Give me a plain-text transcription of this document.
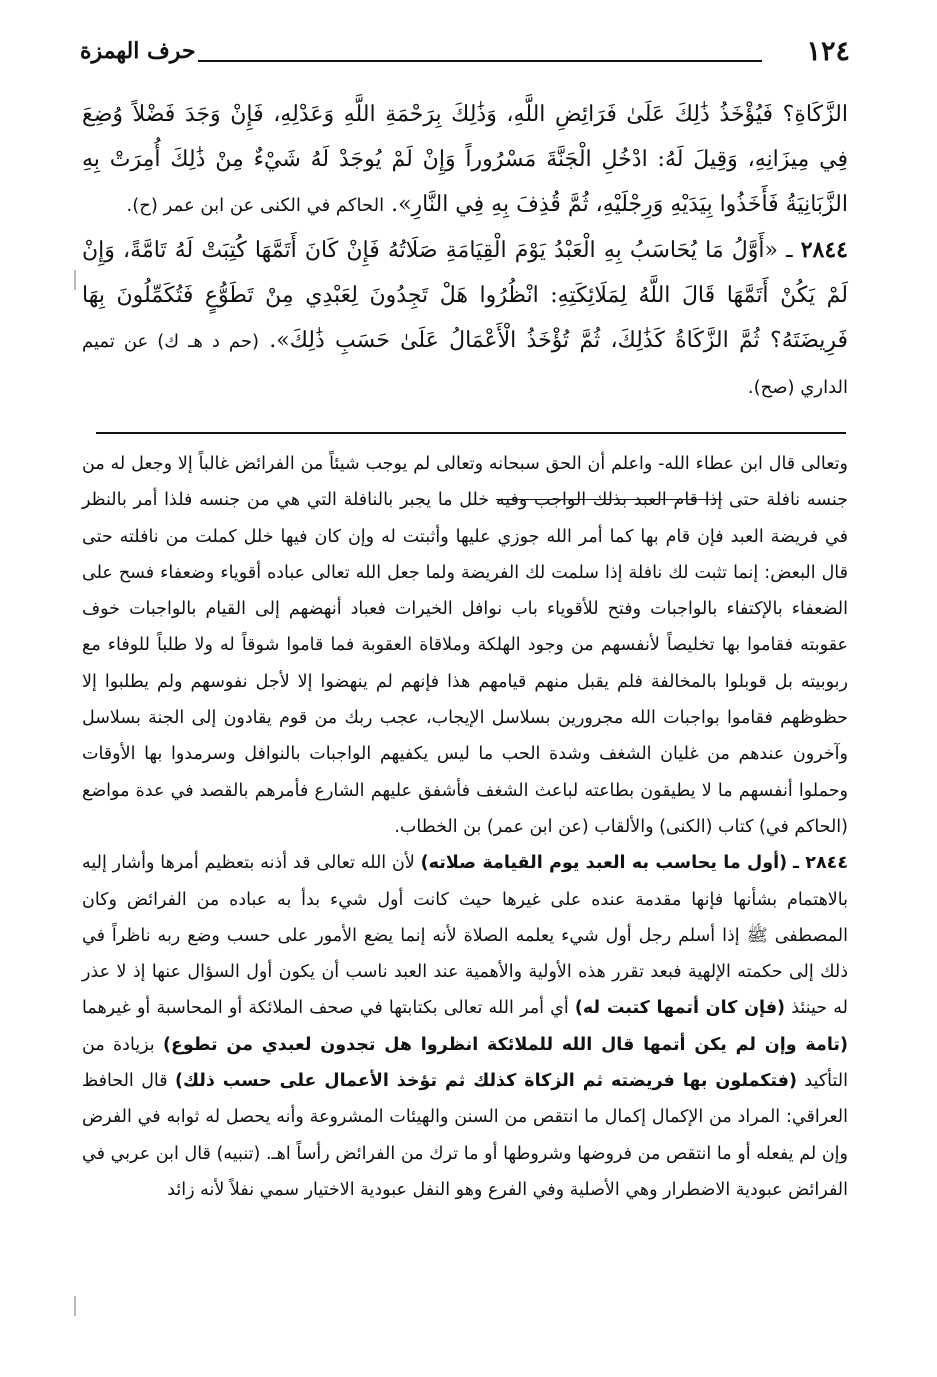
١٢٤
حرف الهمزة

الزَّكَاةِ؟ فَيُؤْخَذُ ذَٰلِكَ عَلَىٰ فَرَائِضِ اللَّهِ، وَذَٰلِكَ بِرَحْمَةِ اللَّهِ وَعَدْلِهِ، فَإِنْ وَجَدَ فَضْلاً وُضِعَ فِي مِيزَانِهِ، وَقِيلَ لَهُ: ادْخُلِ الْجَنَّةَ مَسْرُوراً وَإِنْ لَمْ يُوجَدْ لَهُ شَيْءٌ مِنْ ذَٰلِكَ أُمِرَتْ بِهِ الزَّبَانِيَةُ فَأَخَذُوا بِيَدَيْهِ وَرِجْلَيْهِ، ثُمَّ قُذِفَ بِهِ فِي النَّارِ». الحاكم في الكنى عن ابن عمر (ح).

٢٨٤٤ ـ «أَوَّلُ مَا يُحَاسَبُ بِهِ الْعَبْدُ يَوْمَ الْقِيَامَةِ صَلَاتُهُ فَإِنْ كَانَ أَتَمَّهَا كُتِبَتْ لَهُ تَامَّةً، وَإِنْ لَمْ يَكُنْ أَتَمَّهَا قَالَ اللَّهُ لِمَلَائِكَتِهِ: انْظُرُوا هَلْ تَجِدُونَ لِعَبْدِي مِنْ تَطَوُّعٍ فَتُكَمِّلُونَ بِهَا فَرِيضَتَهُ؟ ثُمَّ الزَّكَاةُ كَذَٰلِكَ، ثُمَّ تُؤْخَذُ الْأَعْمَالُ عَلَىٰ حَسَبِ ذَٰلِكَ». (حم د هـ ك) عن تميم الداري (صح).

وتعالى قال ابن عطاء الله- واعلم أن الحق سبحانه وتعالى لم يوجب شيئاً من الفرائض غالباً إلا وجعل له من جنسه نافلة حتى إذا قام العبد بذلك الواجب وفيه خلل ما يجبر بالنافلة التي هي من جنسه فلذا أمر بالنظر في فريضة العبد فإن قام بها كما أمر الله جوزي عليها وأثبتت له وإن كان فيها خلل كملت من نافلته حتى قال البعض: إنما تثبت لك نافلة إذا سلمت لك الفريضة ولما جعل الله تعالى عباده أقوياء وضعفاء فسح على الضعفاء بالإكتفاء بالواجبات وفتح للأقوياء باب نوافل الخيرات فعباد أنهضهم إلى القيام بالواجبات خوف عقوبته فقاموا بها تخليصاً لأنفسهم من وجود الهلكة وملاقاة العقوبة فما قاموا شوقاً له ولا طلباً للوفاء مع ربوبيته بل قوبلوا بالمخالفة فلم يقبل منهم قيامهم هذا فإنهم لم ينهضوا إلا لأجل نفوسهم ولم يطلبوا إلا حظوظهم فقاموا بواجبات الله مجرورين بسلاسل الإيجاب، عجب ربك من قوم يقادون إلى الجنة بسلاسل وآخرون عندهم من غليان الشغف وشدة الحب ما ليس يكفيهم الواجبات بالنوافل وسرمدوا بها الأوقات وحملوا أنفسهم ما لا يطيقون بطاعته لباعث الشغف فأشفق عليهم الشارع فأمرهم بالقصد في عدة مواضع (الحاكم في) كتاب (الكنى) والألقاب (عن ابن عمر) بن الخطاب.

٢٨٤٤ ـ (أول ما يحاسب به العبد يوم القيامة صلاته) لأن الله تعالى قد أذنه بتعظيم أمرها وأشار إليه بالاهتمام بشأنها فإنها مقدمة عنده على غيرها حيث كانت أول شيء بدأ به عباده من الفرائض وكان المصطفى ﷺ إذا أسلم رجل أول شيء يعلمه الصلاة لأنه إنما يضع الأمور على حسب وضع ربه ناظراً في ذلك إلى حكمته الإلهية فبعد تقرر هذه الأولية والأهمية عند العبد ناسب أن يكون أول السؤال عنها إذ لا عذر له حينئذ (فإن كان أتمها كتبت له) أي أمر الله تعالى بكتابتها في صحف الملائكة أو المحاسبة أو غيرهما (تامة وإن لم يكن أتمها قال الله للملائكة انظروا هل تجدون لعبدي من تطوع) بزيادة من التأكيد (فتكملون بها فريضته ثم الزكاة كذلك ثم تؤخذ الأعمال على حسب ذلك) قال الحافظ العراقي: المراد من الإكمال إكمال ما انتقص من السنن والهيئات المشروعة وأنه يحصل له ثوابه في الفرض وإن لم يفعله أو ما انتقص من فروضها وشروطها أو ما ترك من الفرائض رأساً اهـ. (تنبيه) قال ابن عربي في الفرائض عبودية الاضطرار وهي الأصلية وفي الفرع وهو النفل عبودية الاختيار سمي نفلاً لأنه زائد
